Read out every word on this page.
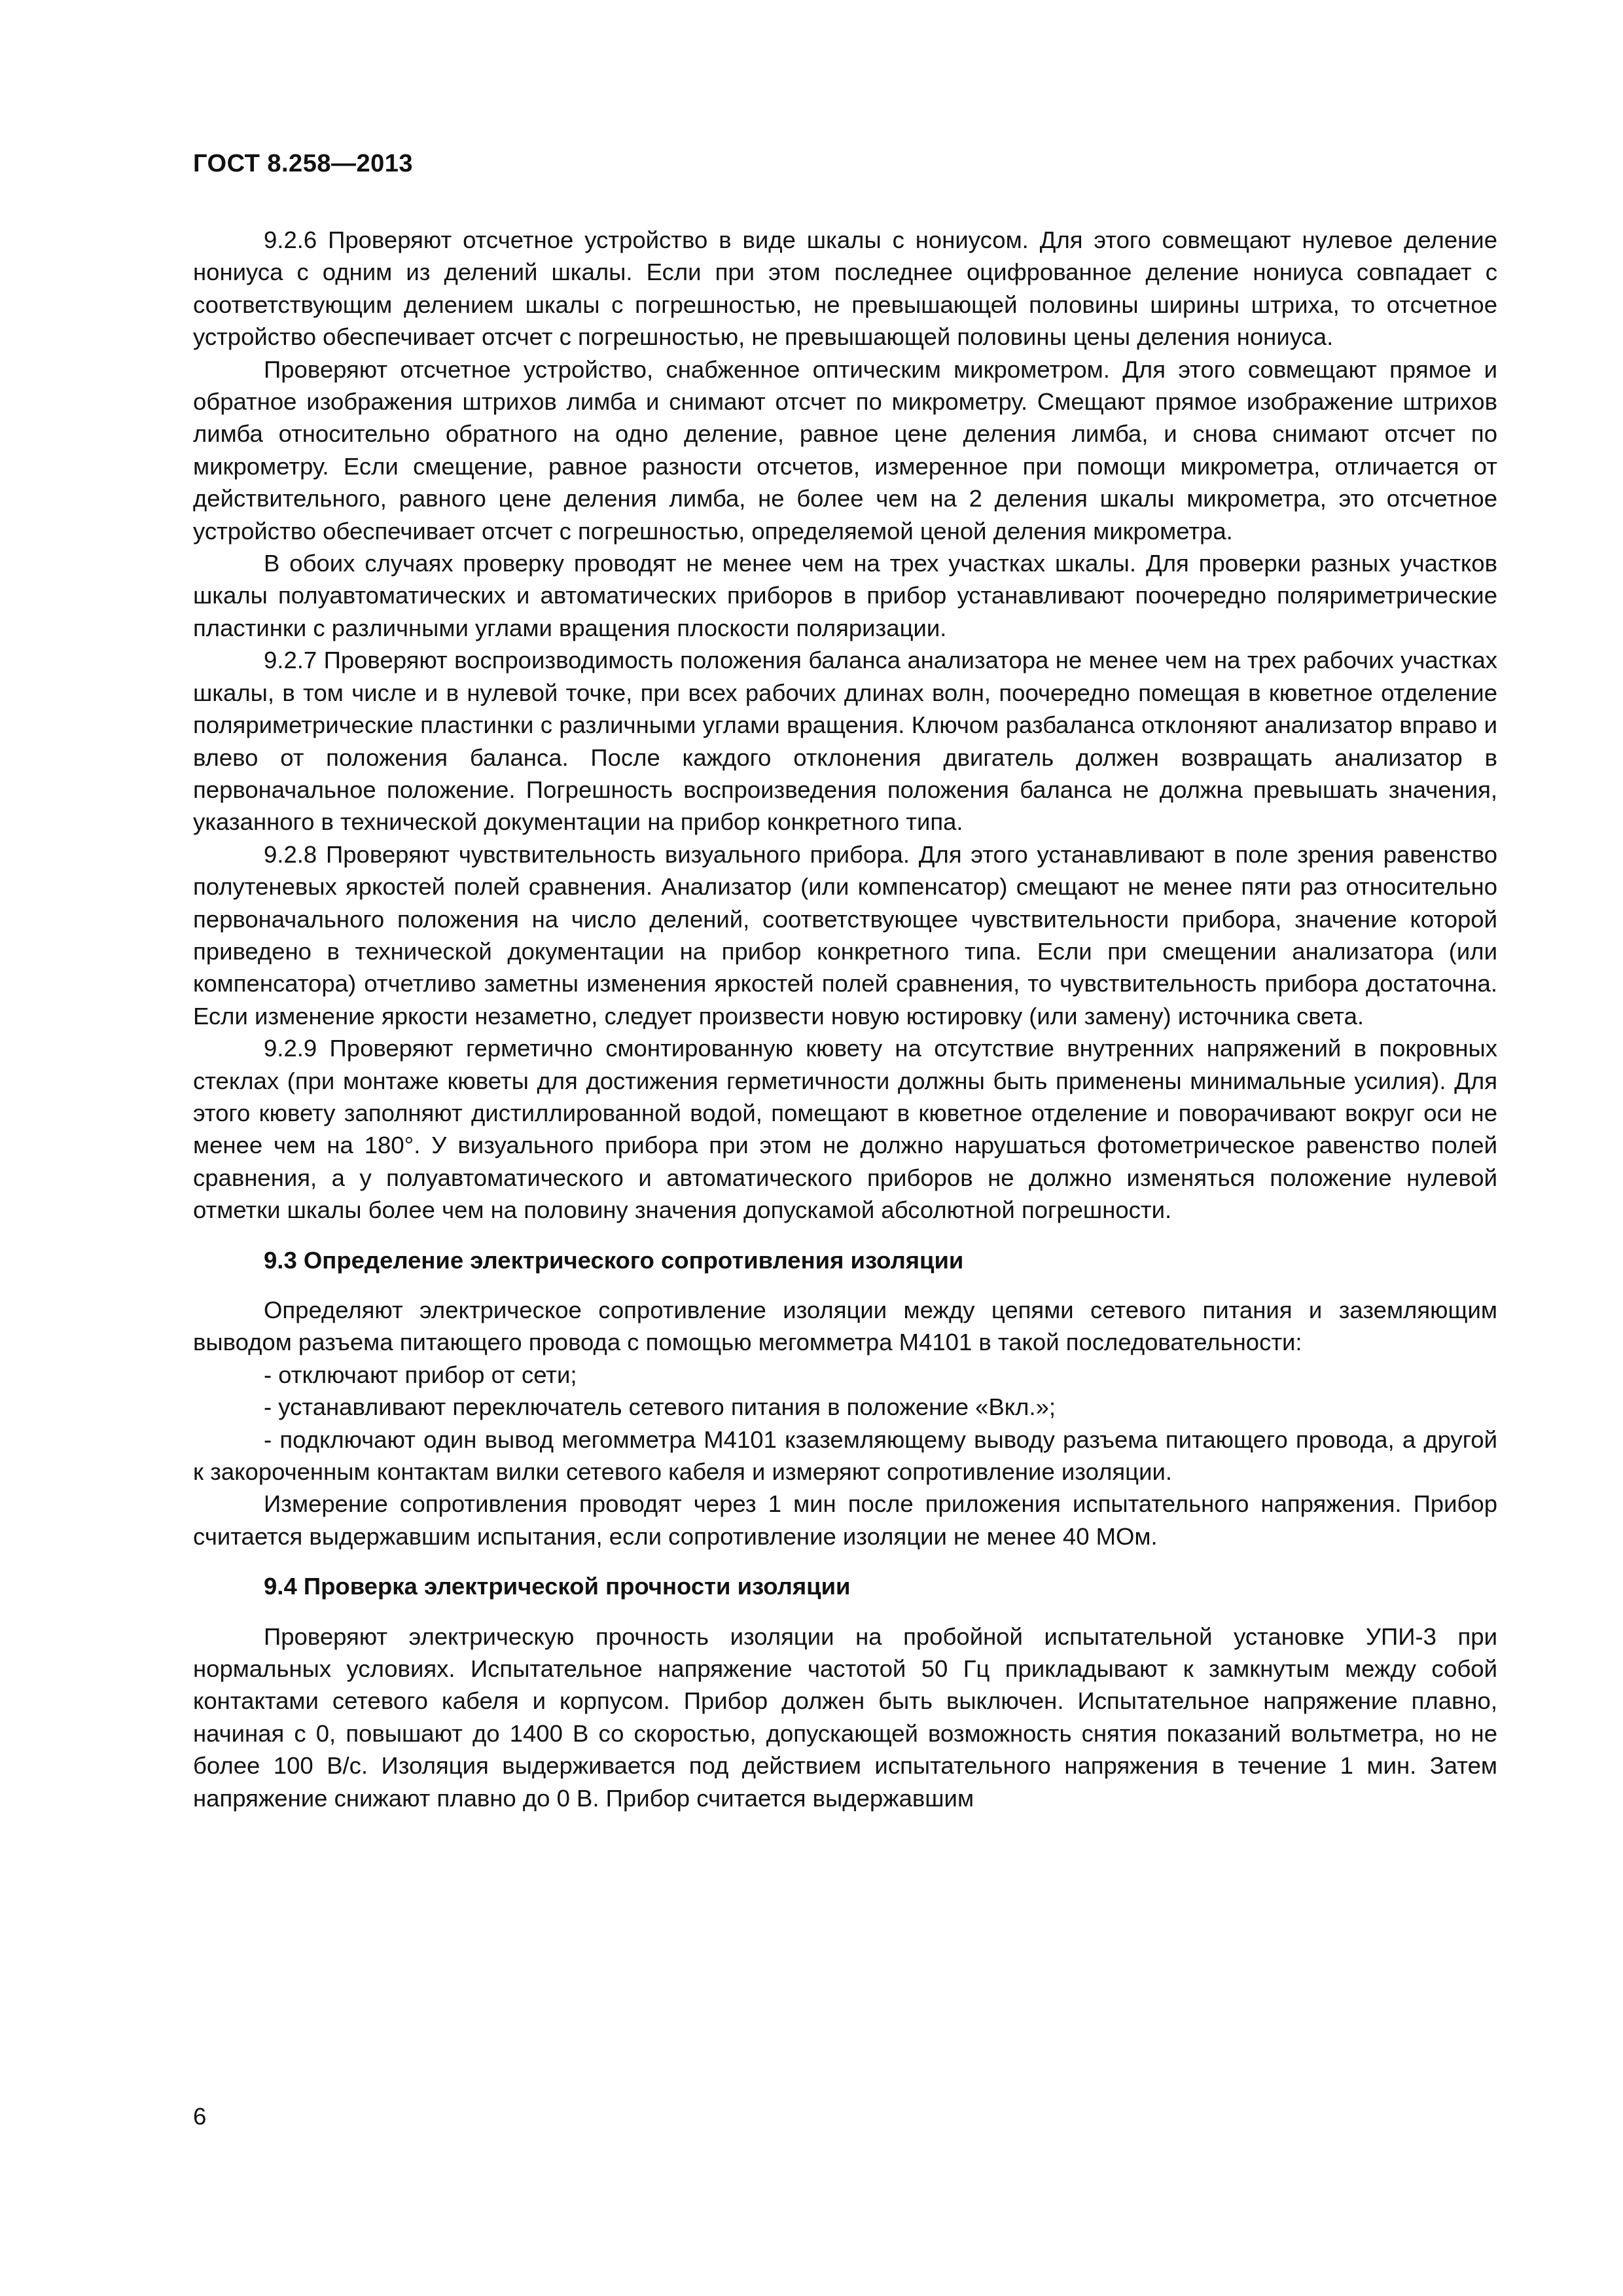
ГОСТ 8.258—2013

9.2.6 Проверяют отсчетное устройство в виде шкалы с нониусом. Для этого совмещают нулевое деление нониуса с одним из делений шкалы. Если при этом последнее оцифрованное деление нониуса совпадает с соответствующим делением шкалы с погрешностью, не превышающей половины ширины штриха, то отсчетное устройство обеспечивает отсчет с погрешностью, не превышающей половины цены деления нониуса.

Проверяют отсчетное устройство, снабженное оптическим микрометром. Для этого совмещают прямое и обратное изображения штрихов лимба и снимают отсчет по микрометру. Смещают прямое изображение штрихов лимба относительно обратного на одно деление, равное цене деления лимба, и снова снимают отсчет по микрометру. Если смещение, равное разности отсчетов, измеренное при помощи микрометра, отличается от действительного, равного цене деления лимба, не более чем на 2 деления шкалы микрометра, это отсчетное устройство обеспечивает отсчет с погрешностью, определяемой ценой деления микрометра.

В обоих случаях проверку проводят не менее чем на трех участках шкалы. Для проверки разных участков шкалы полуавтоматических и автоматических приборов в прибор устанавливают поочередно поляриметрические пластинки с различными углами вращения плоскости поляризации.

9.2.7 Проверяют воспроизводимость положения баланса анализатора не менее чем на трех рабочих участках шкалы, в том числе и в нулевой точке, при всех рабочих длинах волн, поочередно помещая в кюветное отделение поляриметрические пластинки с различными углами вращения. Ключом разбаланса отклоняют анализатор вправо и влево от положения баланса. После каждого отклонения двигатель должен возвращать анализатор в первоначальное положение. Погрешность воспроизведения положения баланса не должна превышать значения, указанного в технической документации на прибор конкретного типа.

9.2.8 Проверяют чувствительность визуального прибора. Для этого устанавливают в поле зрения равенство полутеневых яркостей полей сравнения. Анализатор (или компенсатор) смещают не менее пяти раз относительно первоначального положения на число делений, соответствующее чувствительности прибора, значение которой приведено в технической документации на прибор конкретного типа. Если при смещении анализатора (или компенсатора) отчетливо заметны изменения яркостей полей сравнения, то чувствительность прибора достаточна. Если изменение яркости незаметно, следует произвести новую юстировку (или замену) источника света.

9.2.9 Проверяют герметично смонтированную кювету на отсутствие внутренних напряжений в покровных стеклах (при монтаже кюветы для достижения герметичности должны быть применены минимальные усилия). Для этого кювету заполняют дистиллированной водой, помещают в кюветное отделение и поворачивают вокруг оси не менее чем на 180°. У визуального прибора при этом не должно нарушаться фотометрическое равенство полей сравнения, а у полуавтоматического и автоматического приборов не должно изменяться положение нулевой отметки шкалы более чем на половину значения допускамой абсолютной погрешности.

9.3 Определение электрического сопротивления изоляции

Определяют электрическое сопротивление изоляции между цепями сетевого питания и заземляющим выводом разъема питающего провода с помощью мегомметра М4101 в такой последовательности:

- отключают прибор от сети;

- устанавливают переключатель сетевого питания в положение «Вкл.»;

- подключают один вывод мегомметра М4101 кзаземляющему выводу разъема питающего провода, а другой к закороченным контактам вилки сетевого кабеля и измеряют сопротивление изоляции.

Измерение сопротивления проводят через 1 мин после приложения испытательного напряжения. Прибор считается выдержавшим испытания, если сопротивление изоляции не менее 40 МОм.

9.4 Проверка электрической прочности изоляции

Проверяют электрическую прочность изоляции на пробойной испытательной установке УПИ-3 при нормальных условиях. Испытательное напряжение частотой 50 Гц прикладывают к замкнутым между собой контактами сетевого кабеля и корпусом. Прибор должен быть выключен. Испытательное напряжение плавно, начиная с 0, повышают до 1400 В со скоростью, допускающей возможность снятия показаний вольтметра, но не более 100 В/с. Изоляция выдерживается под действием испытательного напряжения в течение 1 мин. Затем напряжение снижают плавно до 0 В. Прибор считается выдержавшим

6
